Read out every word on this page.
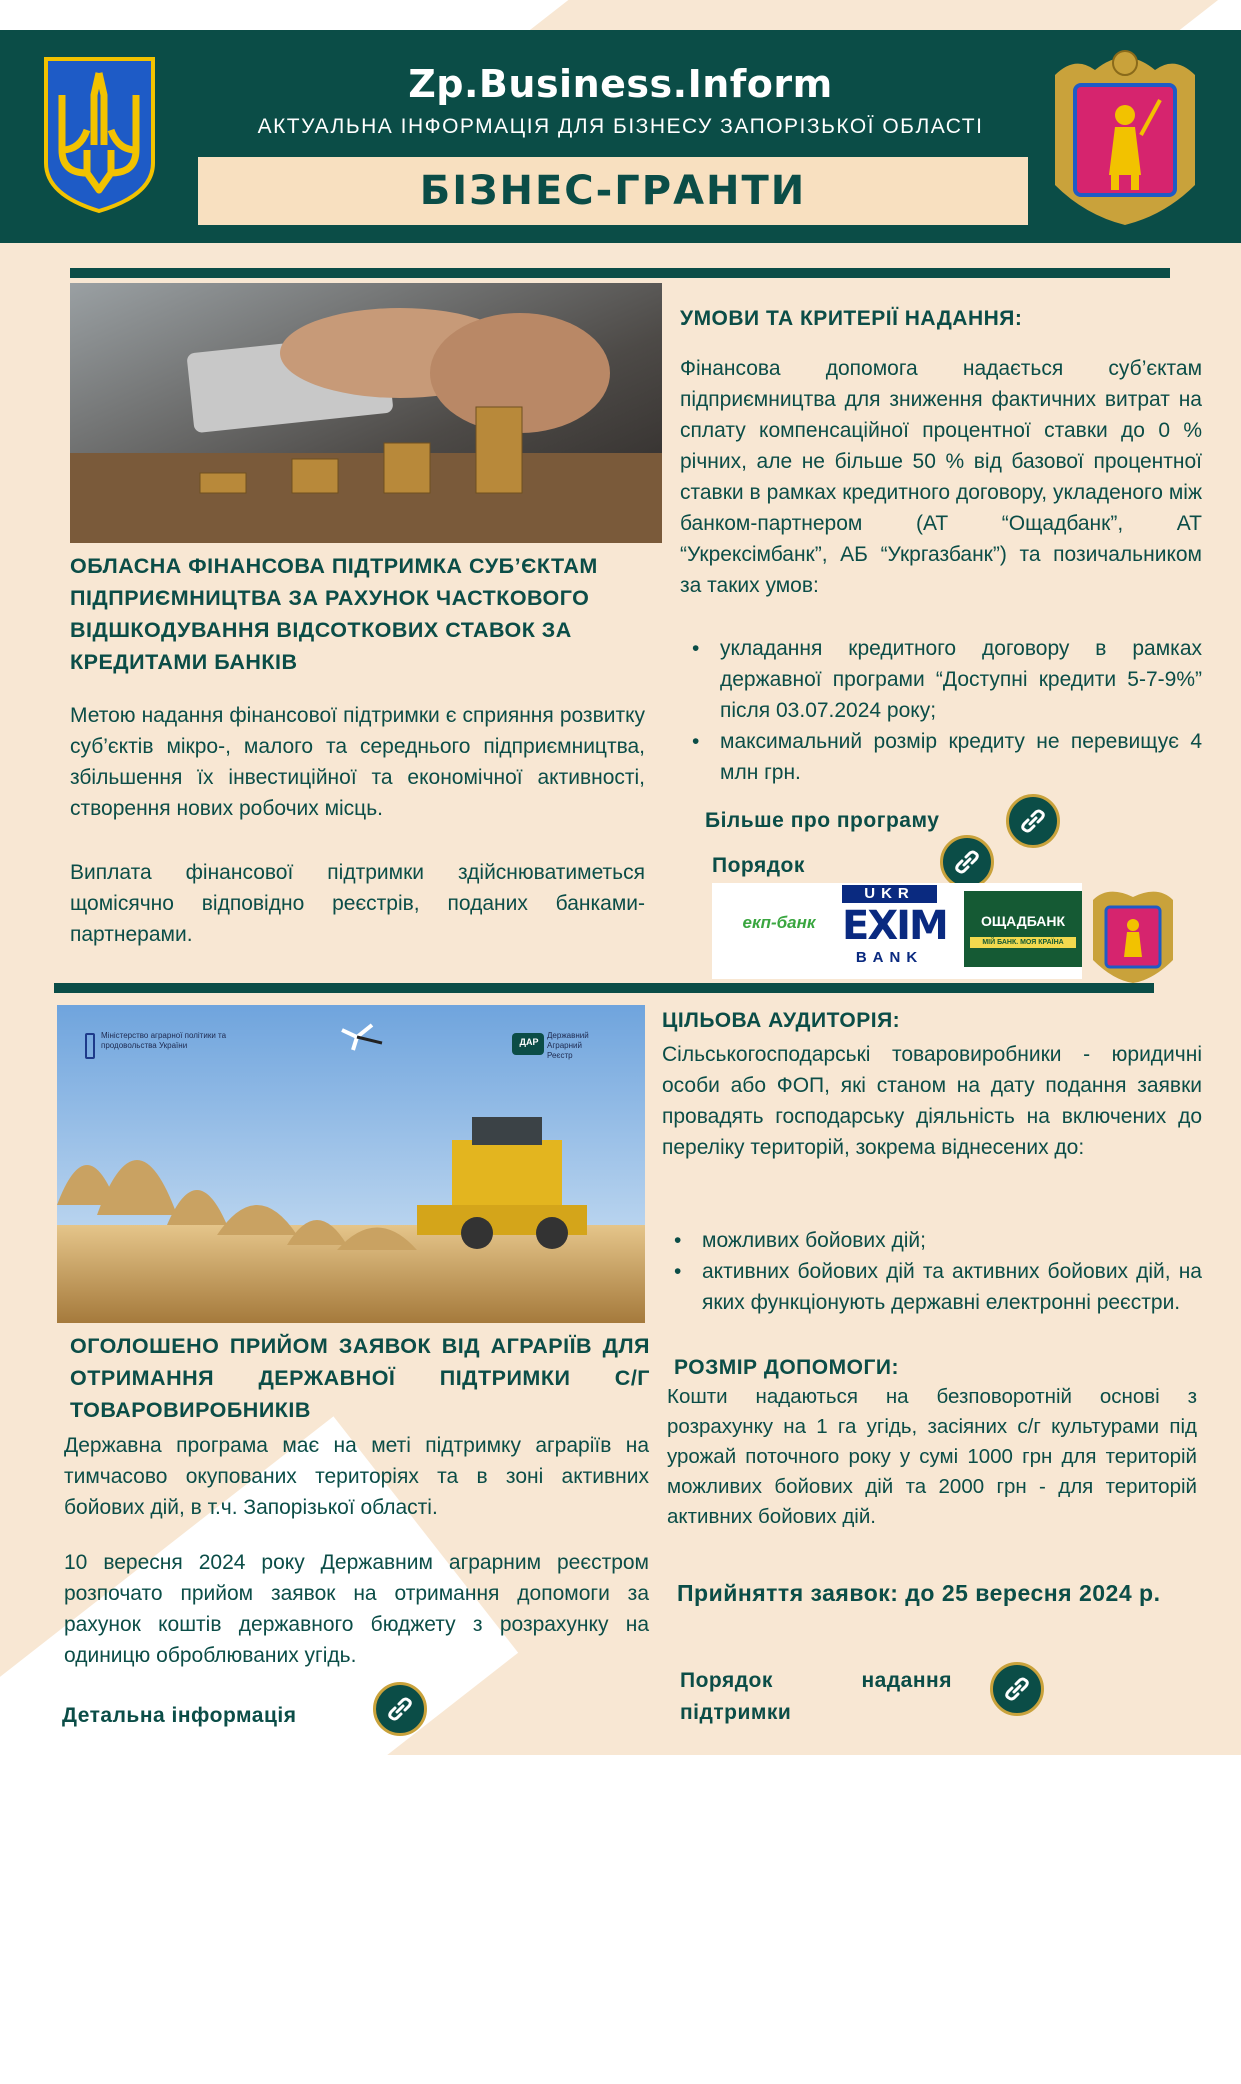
Zp.Business.Inform
АКТУАЛЬНА ІНФОРМАЦІЯ ДЛЯ БІЗНЕСУ ЗАПОРІЗЬКОЇ ОБЛАСТІ
БІЗНЕС-ГРАНТИ
ОБЛАСНА ФІНАНСОВА ПІДТРИМКА СУБ’ЄКТАМ ПІДПРИЄМНИЦТВА ЗА РАХУНОК ЧАСТКОВОГО ВІДШКОДУВАННЯ ВІДСОТКОВИХ СТАВОК ЗА КРЕДИТАМИ БАНКІВ
Метою надання фінансової підтримки є сприяння розвитку суб’єктів мікро-, малого та середнього підприємництва, збільшення їх інвестиційної та економічної активності, створення нових робочих місць.
Виплата фінансової підтримки здійснюватиметься щомісячно відповідно реєстрів, поданих банками-партнерами.
УМОВИ ТА КРИТЕРІЇ НАДАННЯ:
Фінансова допомога надається суб’єктам підприємництва для зниження фактичних витрат на сплату компенсаційної процентної ставки до 0 % річних, але не більше 50 % від базової процентної ставки в рамках кредитного договору, укладеного між банком-партнером (АТ “Ощадбанк”, АТ “Укрексімбанк”, АБ “Укргазбанк”) та позичальником за таких умов:
• укладання кредитного договору в рамках державної програми “Доступні кредити 5-7-9%” після 03.07.2024 року;
• максимальний розмір кредиту не перевищує 4 млн грн.
Більше про програму
Порядок
екп-банк
UKR
EXIM
BANK
ОЩАДБАНК
МІЙ БАНК. МОЯ КРАЇНА
Міністерство аграрної політики та продовольства України	ДАР
Державний Аграрний Реєстр
ОГОЛОШЕНО ПРИЙОМ ЗАЯВОК ВІД АГРАРІЇВ ДЛЯ ОТРИМАННЯ ДЕРЖАВНОЇ ПІДТРИМКИ С/Г ТОВАРОВИРОБНИКІВ
Державна програма має на меті підтримку аграріїв на тимчасово окупованих територіях та в зоні активних бойових дій, в т.ч. Запорізької області.
10 вересня 2024 року Державним аграрним реєстром розпочато прийом заявок на отримання допомоги за рахунок коштів державного бюджету з розрахунку на одиницю оброблюваних угідь.
Детальна інформація
ЦІЛЬОВА АУДИТОРІЯ:
Сільськогосподарські товаровиробники - юридичні особи або ФОП, які станом на дату подання заявки провадять господарську діяльність на включених до переліку територій, зокрема віднесених до:
• можливих бойових дій;
• активних бойових дій та активних бойових дій, на яких функціонують державні електронні реєстри.
РОЗМІР ДОПОМОГИ:
Кошти надаються на безповоротній основі з розрахунку на 1 га угідь, засіяних с/г культурами під урожай поточного року у сумі 1000 грн для територій можливих бойових дій та 2000 грн - для територій активних бойових дій.
Прийняття заявок: до 25 вересня 2024 р.
Порядок надання підтримки
